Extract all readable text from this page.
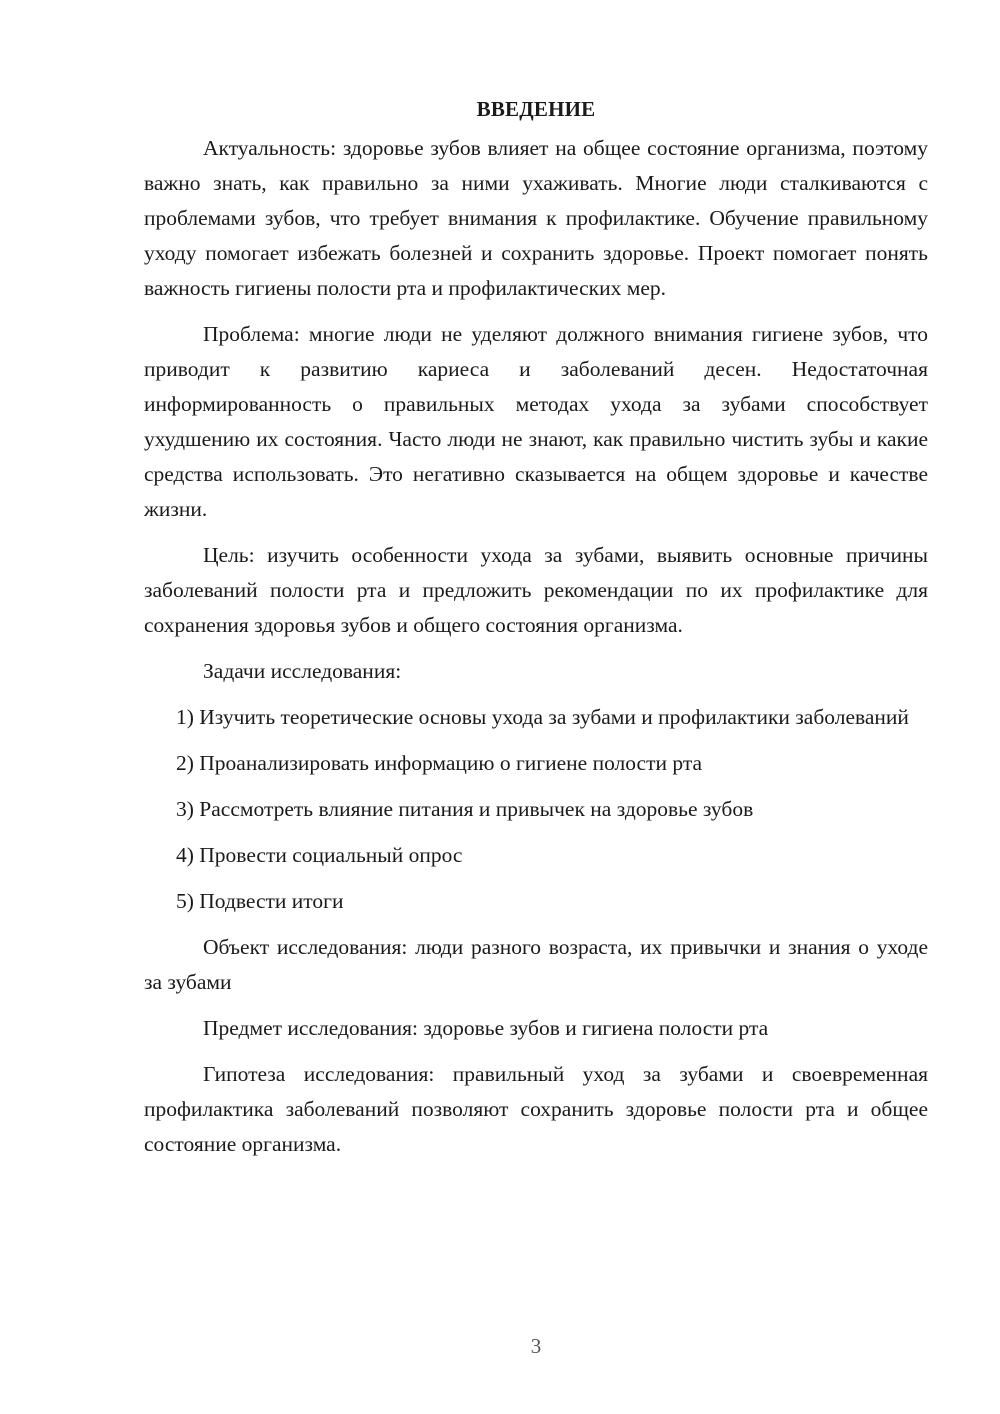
ВВЕДЕНИЕ

Актуальность: здоровье зубов влияет на общее состояние организма, поэтому важно знать, как правильно за ними ухаживать. Многие люди сталкиваются с проблемами зубов, что требует внимания к профилактике. Обучение правильному уходу помогает избежать болезней и сохранить здоровье. Проект помогает понять важность гигиены полости рта и профилактических мер.

Проблема: многие люди не уделяют должного внимания гигиене зубов, что приводит к развитию кариеса и заболеваний десен. Недостаточная информированность о правильных методах ухода за зубами способствует ухудшению их состояния. Часто люди не знают, как правильно чистить зубы и какие средства использовать. Это негативно сказывается на общем здоровье и качестве жизни.

Цель: изучить особенности ухода за зубами, выявить основные причины заболеваний полости рта и предложить рекомендации по их профилактике для сохранения здоровья зубов и общего состояния организма.

Задачи исследования:

1) Изучить теоретические основы ухода за зубами и профилактики заболеваний

2) Проанализировать информацию о гигиене полости рта

3) Рассмотреть влияние питания и привычек на здоровье зубов

4) Провести социальный опрос

5) Подвести итоги

Объект исследования: люди разного возраста, их привычки и знания о уходе за зубами

Предмет исследования: здоровье зубов и гигиена полости рта

Гипотеза исследования: правильный уход за зубами и своевременная профилактика заболеваний позволяют сохранить здоровье полости рта и общее состояние организма.

3
